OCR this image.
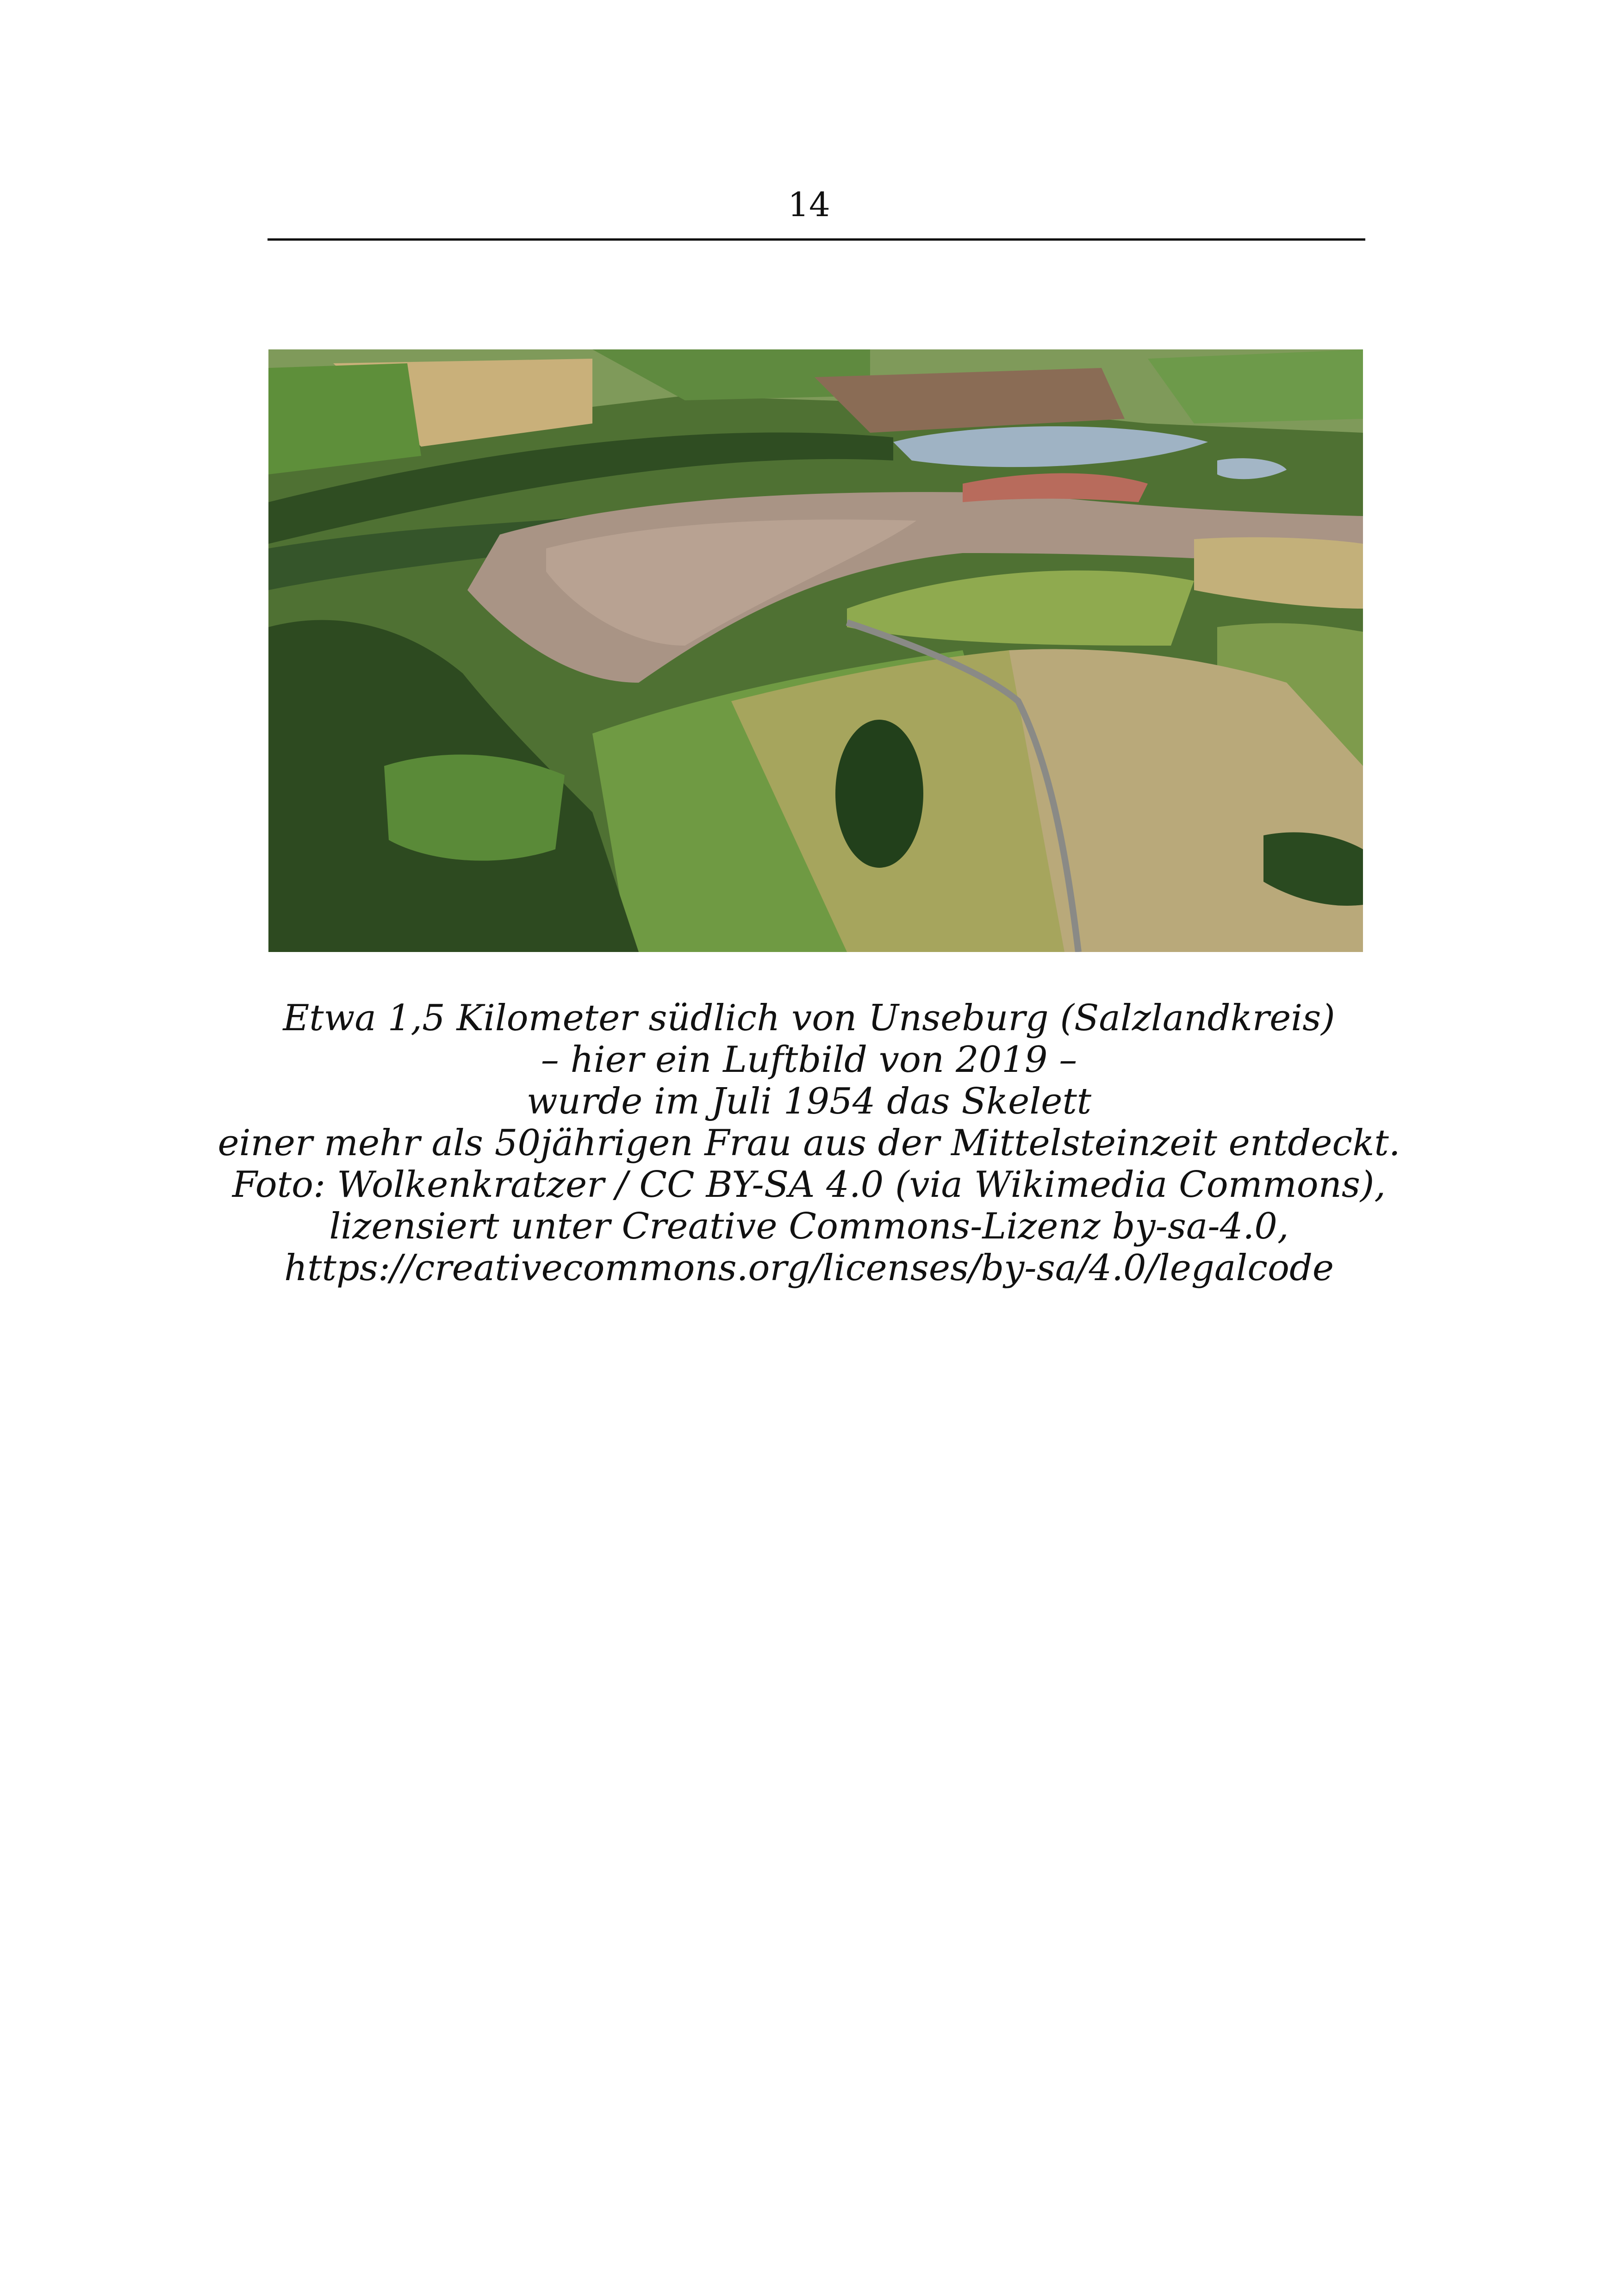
14
Etwa 1,5 Kilometer südlich von Unseburg (Salzlandkreis)
– hier ein Luftbild von 2019 –
wurde im Juli 1954 das Skelett
einer mehr als 50jährigen Frau aus der Mittelsteinzeit entdeckt.
Foto: Wolkenkratzer / CC BY-SA 4.0 (via Wikimedia Commons),
lizensiert unter Creative Commons-Lizenz by-sa-4.0,
https://creativecommons.org/licenses/by-sa/4.0/legalcode
